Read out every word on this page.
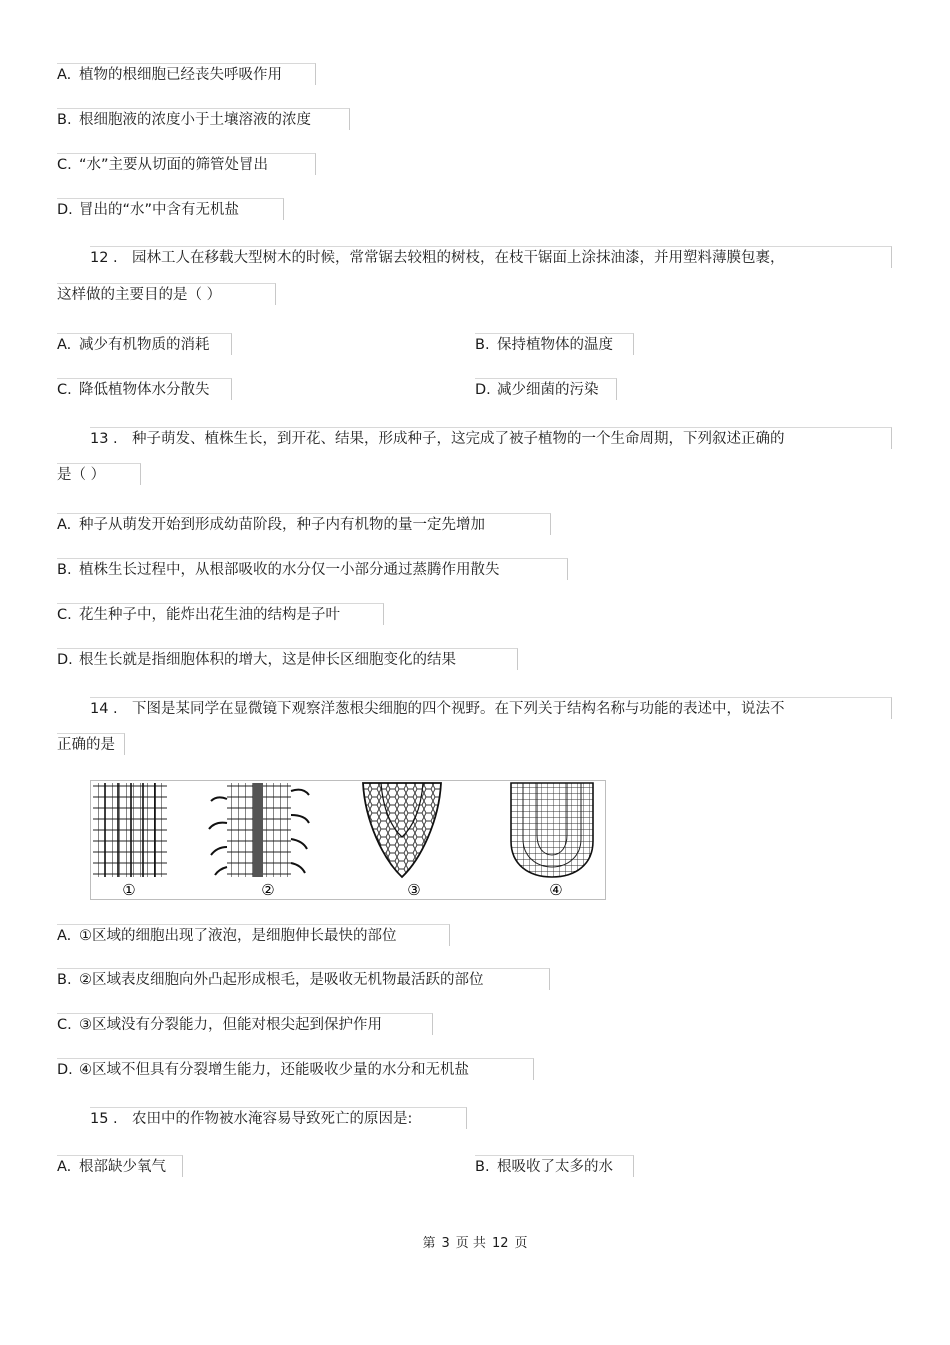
A. 植物的根细胞已经丧失呼吸作用
B. 根细胞液的浓度小于土壤溶液的浓度
C. “水”主要从切面的筛管处冒出
D. 冒出的“水”中含有无机盐
12 . 园林工人在移载大型树木的时候，常常锯去较粗的树枝，在枝干锯面上涂抹油漆，并用塑料薄膜包裹，
这样做的主要目的是（ ）
A. 减少有机物质的消耗	B. 保持植物体的温度
C. 降低植物体水分散失	D. 减少细菌的污染
13 . 种子萌发、植株生长，到开花、结果，形成种子，这完成了被子植物的一个生命周期，下列叙述正确的
是（ ）
A. 种子从萌发开始到形成幼苗阶段，种子内有机物的量一定先增加
B. 植株生长过程中，从根部吸收的水分仅一小部分通过蒸腾作用散失
C. 花生种子中，能炸出花生油的结构是子叶
D. 根生长就是指细胞体积的增大，这是伸长区细胞变化的结果
14 . 下图是某同学在显微镜下观察洋葱根尖细胞的四个视野。在下列关于结构名称与功能的表述中，说法不
正确的是
①	②	③	④
A. ①区域的细胞出现了液泡，是细胞伸长最快的部位
B. ②区域表皮细胞向外凸起形成根毛，是吸收无机物最活跃的部位
C. ③区域没有分裂能力，但能对根尖起到保护作用
D. ④区域不但具有分裂增生能力，还能吸收少量的水分和无机盐
15 . 农田中的作物被水淹容易导致死亡的原因是:
A. 根部缺少氧气	B. 根吸收了太多的水
第 3 页 共 12 页
